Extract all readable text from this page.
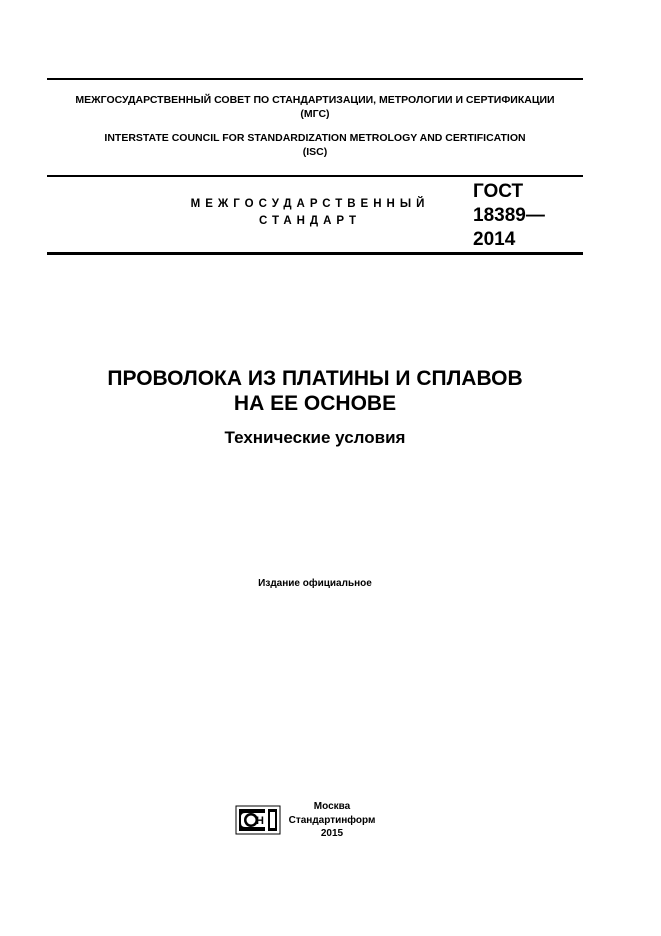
МЕЖГОСУДАРСТВЕННЫЙ СОВЕТ ПО СТАНДАРТИЗАЦИИ, МЕТРОЛОГИИ И СЕРТИФИКАЦИИ
(МГС)
INTERSTATE COUNCIL FOR STANDARDIZATION METROLOGY AND CERTIFICATION
(ISC)
МЕЖГОСУДАРСТВЕННЫЙ
СТАНДАРТ
ГОСТ
18389—
2014
ПРОВОЛОКА ИЗ ПЛАТИНЫ И СПЛАВОВ
НА ЕЕ ОСНОВЕ
Технические условия
Издание официальное
Н
Москва
Стандартинформ
2015
